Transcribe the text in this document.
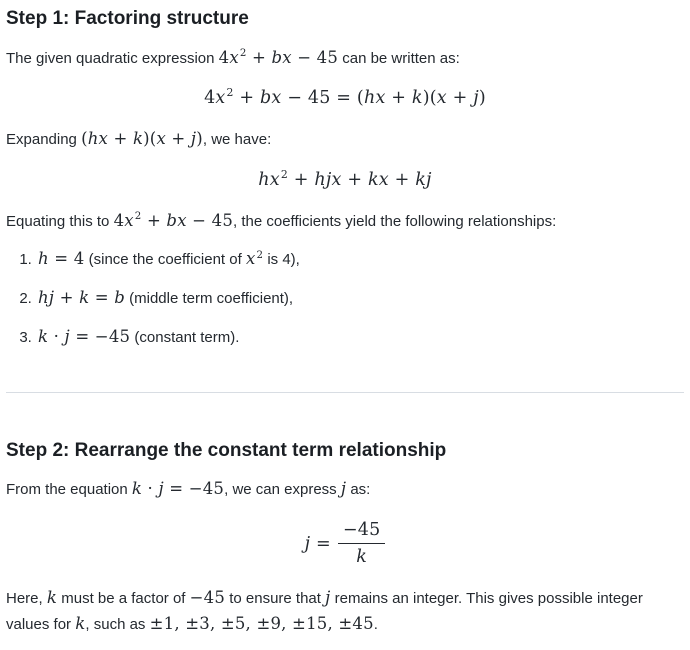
Step 1: Factoring structure

The given quadratic expression $4x^2$ + bx − 45 can be written as:

$4x^2$ + bx − 45 = (hx + k)(x + j)

Expanding (hx + k)(x + j), we have:

$hx^2$ + hjx + kx + kj

Equating this to $4x^2$ + bx − 45, the coefficients yield the following relationships:

1. h = 4 (since the coefficient of $x^2$ is 4),
2. hj + k = b (middle term coefficient),
3. k · j = −45 (constant term).
Step 2: Rearrange the constant term relationship

From the equation k · j = −45, we can express j as:

$j = \frac{-45}{k}$

Here, k must be a factor of −45 to ensure that j remains an integer. This gives possible integer values for k, such as ±1, ±3, ±5, ±9, ±15, ±45.
